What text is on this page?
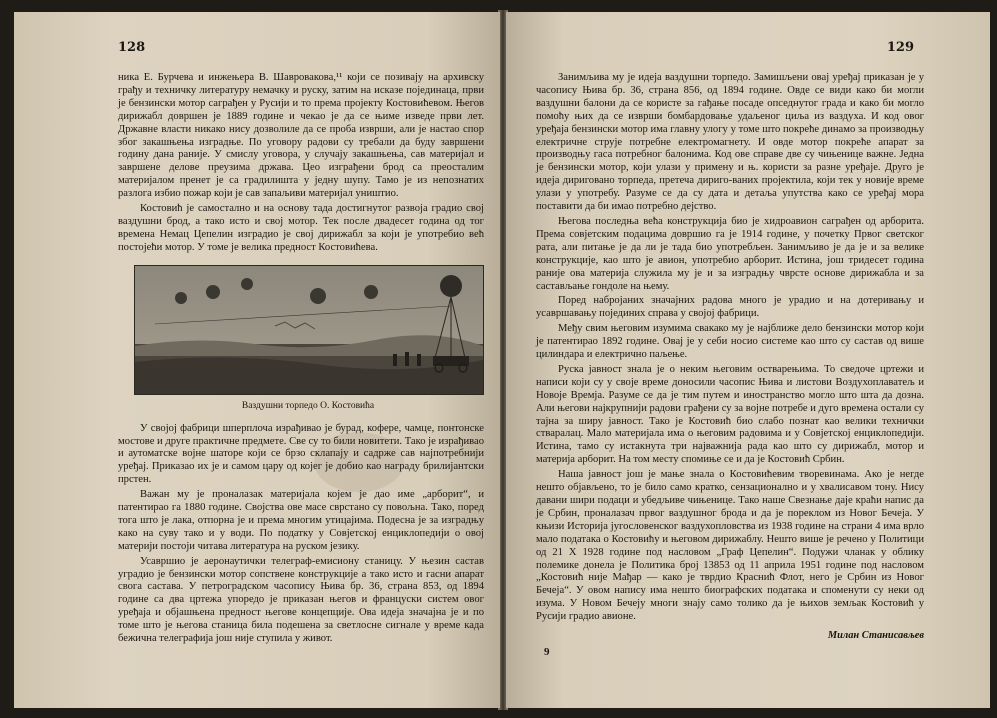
128

ника Е. Бурчева и инжењера В. Шавровакова,¹¹ који се позивају на архивску грађу и техничку литературу немачку и руску, затим на исказе појединаца, први је бензински мотор саграђен у Русији и то према пројекту Костовићевом. Његов дирижабл довршен је 1889 године и чекао је да се њиме изведе први лет. Државне власти никако нису дозволиле да се проба изврши, али је настао спор због закашњења изградње. По уговору радови су требали да буду завршени годину дана раније. У смислу уговора, у случају закашњења, сав материјал и завршене делове преузима држава. Цео изграђени брод са преосталим материјалом пренет је са градилишта у једну шупу. Тамо је из непознатих разлога избио пожар који је сав запаљиви материјал уништио.

Костовић је самостално и на основу тада достигнутог развоја градио свој ваздушни брод, а тако исто и свој мотор. Тек после двадесет година од тог времена Немац Цепелин изградио је свој дирижабл за који је употребио већ постојећи мотор. У томе је велика предност Костовићева.

Ваздушни торпедо О. Костовића

У својој фабрици шперплоча израђивао је бурад, кофере, чамце, понтонске мостове и друге практичне предмете. Све су то били новитети. Тако је израђивао и аутоматске војне шаторе који се брзо склапају и садрже сав најпотребнији уређај. Приказао их је и самом цару од којег је добио као награду брилијантски прстен.

Важан му је проналазак материјала којем је дао име „арборит“, и патентирао га 1880 године. Својства ове масе сврстано су повољна. Тако, поред тога што је лака, отпорна је и према многим утицајима. Подесна је за изградњу како на суву тако и у води. По податку у Совјетској енциклопедији о овој материји постоји читава литература на руском језику.

Усавршио је аеронаутички телеграф-емисиону станицу. У њезин састав уградио је бензински мотор сопствене конструкције а тако исто и гасни апарат свога састава. У петроградском часопису Њива бр. 36, страна 853, од 1894 године са два цртежа упоредо је приказан његов и француски систем овог уређаја и објашњена предност његове концепције. Ова идеја значајна је и по томе што је његова станица била подешена за светлосне сигнале у време када бежична телеграфија још није ступила у живот.

129

Занимљива му је идеја ваздушни торпедо. Замишљени овај уређај приказан је у часопису Њива бр. 36, страна 856, од 1894 године. Овде се види како би могли ваздушни балони да се користе за гађање посаде опседнутог града и како би могло помоћу њих да се изврши бомбардовање удаљеног циља из ваздуха. И код овог уређаја бензински мотор има главну улогу у томе што покреће динамо за производњу електричне струје потребне електромагнету. И овде мотор покреће апарат за производњу гаса потребног балонима. Код ове справе две су чињенице важне. Једна је бензински мотор, који улази у примену и њ. користи за разне уређаје. Друго је идеја дириговано торпеда, претеча дириго-ваних пројектила, који тек у новије време улази у употребу. Разуме се да су дата и детаља упутства како се уређај мора поставити да би имао потребно дејство.

Његова последња већа конструкција био је хидроавион саграђен од арборита. Према совјетским подацима довршио га је 1914 године, у почетку Првог светског рата, али питање је да ли је тада био употребљен. Занимљиво је да је и за велике конструкције, као што је авион, употребио арборит. Истина, још тридесет година раније ова материја служила му је и за изградњу чврсте основе дирижабла и за састављање гондоле на њему.

Поред набројаних значајних радова много је урадио и на дотеривању и усавршавању појединих справа у својој фабрици.

Међу свим његовим изумима свакако му је најближе дело бензински мотор који је патентирао 1892 године. Овај је у себи носио системе као што су састав од више цилиндара и електрично паљење.

Руска јавност знала је о неким његовим остварењима. То сведоче цртежи и написи који су у своје време доносили часопис Њива и листови Воздухоплаватељ и Новоје Времја. Разуме се да је тим путем и иностранство могло што шта да дозна. Али његови најкрупнији радови грађени су за војне потребе и дуго времена остали су тајна за ширу јавност. Тако је Костовић био слабо познат као велики технички стваралац. Мало материјала има о његовим радовима и у Совјетској енциклопедији. Истина, тамо су истакнута три најважнија рада као што су дирижабл, мотор и материја арборит. На том месту спомиње се и да је Костовић Србин.

Наша јавност још је мање знала о Костовићевим творевинама. Ако је негде нешто објављено, то је било само кратко, сензационално и у хвалисавом тону. Нису давани шири подаци и убедљиве чињенице. Тако наше Свезнање даје краћи напис да је Србин, проналазач првог ваздушног брода и да је пореклом из Новог Бечеја. У књизи Историја југословенског ваздухопловства из 1938 године на страни 4 има врло мало података о Костовићу и његовом дирижаблу. Нешто више је речено у Политици од 21 X 1928 године под насловом „Граф Цепелин“. Подужи чланак у облику полемике донела је Политика број 13853 од 11 априла 1951 године под насловом „Костовић није Мађар — како је тврдио Краснић Флот, него је Србин из Новог Бечеја“. У овом напису има нешто биографских података и споменути су неки од изума. У Новом Бечеју многи знају само толико да је њихов земљак Костовић у Русији градио авионе.

Милан Станисављев
9
